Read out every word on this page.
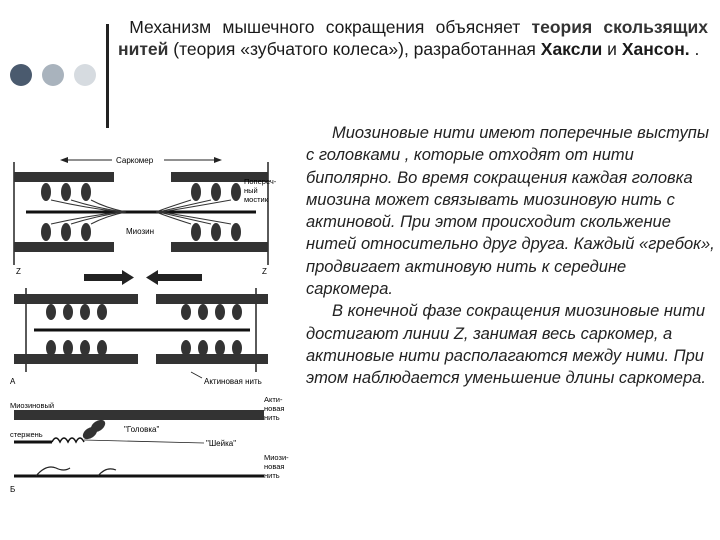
Механизм мышечного сокращения объясняет теория скользящих нитей (теория «зубчатого колеса»), разработанная Хаксли и Хансон. .

Миозиновые нити имеют поперечные выступы с головками , которые отходят от нити биполярно. Во время сокращения каждая головка миозина может связывать миозиновую нить с актиновой. При этом происходит скольжение нитей относительно друг друга. Каждый «гребок», продвигает актиновую нить к середине саркомера.

В конечной фазе сокращения миозиновые нити достигают линии Z, занимая весь саркомер, а актиновые нити располагаются между ними. При этом наблюдается уменьшение длины саркомера.

Саркомер
Попереч-
ный
мостик
Миозин
Z	Z
А	Актиновая нить
Миозиновый
стержень
"Головка"
"Шейка"
Акти-
новая
нить
Миози-
новая
нить
Б
